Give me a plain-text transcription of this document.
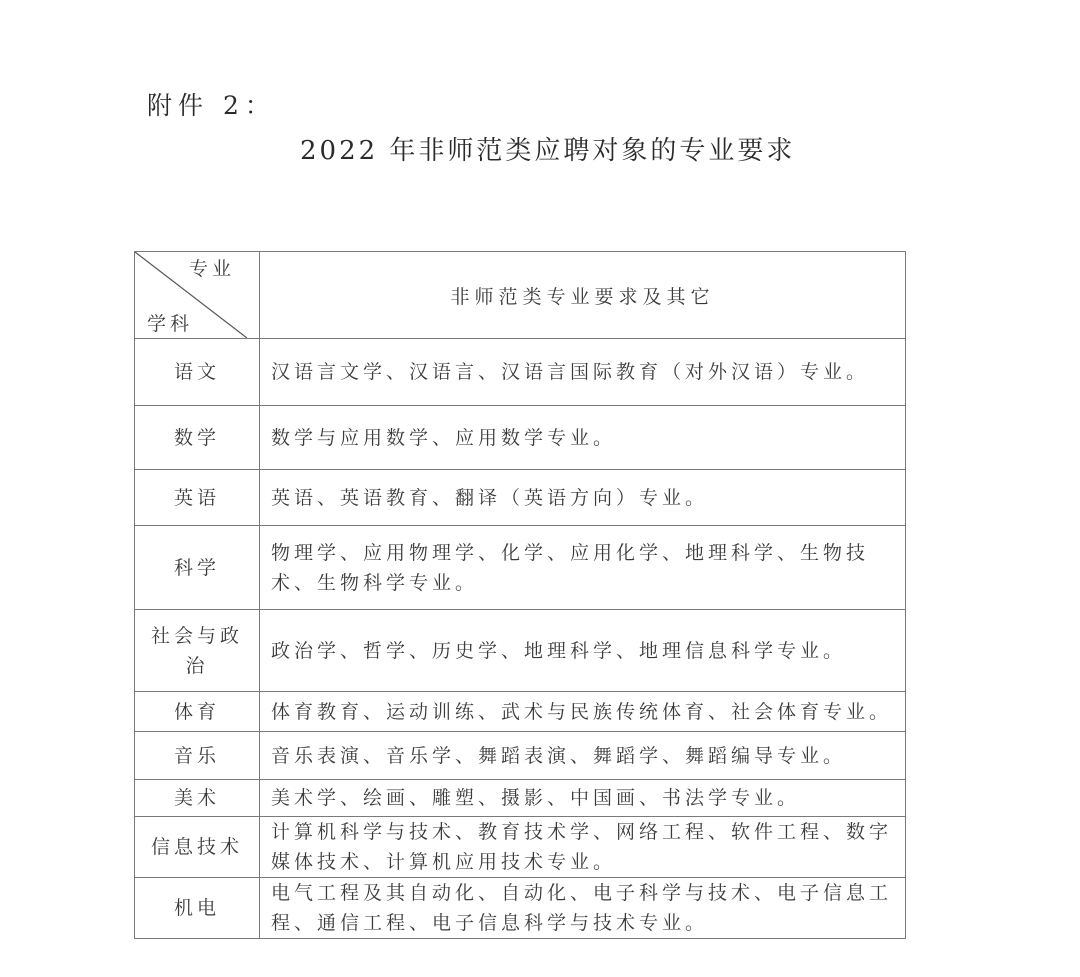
附件 2：
2022 年非师范类应聘对象的专业要求
专业
学科	非师范类专业要求及其它
语文	汉语言文学、汉语言、汉语言国际教育（对外汉语）专业。
数学	数学与应用数学、应用数学专业。
英语	英语、英语教育、翻译（英语方向）专业。
科学	物理学、应用物理学、化学、应用化学、地理科学、生物技术、生物科学专业。
社会与政治	政治学、哲学、历史学、地理科学、地理信息科学专业。
体育	体育教育、运动训练、武术与民族传统体育、社会体育专业。
音乐	音乐表演、音乐学、舞蹈表演、舞蹈学、舞蹈编导专业。
美术	美术学、绘画、雕塑、摄影、中国画、书法学专业。
信息技术	计算机科学与技术、教育技术学、网络工程、软件工程、数字媒体技术、计算机应用技术专业。
机电	电气工程及其自动化、自动化、电子科学与技术、电子信息工程、通信工程、电子信息科学与技术专业。
